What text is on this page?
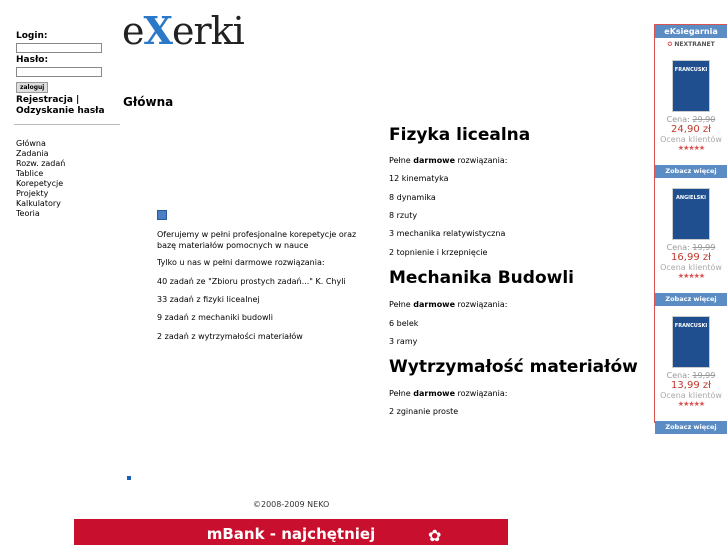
Login:
Hasło:
zaloguj
Rejestracja |
Odzyskanie hasła
Główna
Zadania
Rozw. zadań
Tablice
Korepetycje
Projekty
Kalkulatory
Teoria
eXerki
Główna
Oferujemy w pełni profesjonalne korepetycje oraz bazę materiałów pomocnych w nauce
Tylko u nas w pełni darmowe rozwiązania:
40 zadań ze "Zbioru prostych zadań..." K. Chyli
33 zadań z fizyki licealnej
9 zadań z mechaniki budowli
2 zadań z wytrzymałości materiałów
Fizyka licealna
Pełne darmowe rozwiązania:
12 kinematyka
8 dynamika
8 rzuty
3 mechanika relatywistyczna
2 topnienie i krzepnięcie
Mechanika Budowli
Pełne darmowe rozwiązania:
6 belek
3 ramy
Wytrzymałość materiałów
Pełne darmowe rozwiązania:
2 zginanie proste
eKsiegarnia
✪ NEXTRANET
FRANCUSKI
Cena: 29,90
24,90 zł
Ocena klientów
★★★★★
Zobacz więcej
ANGIELSKI
Cena: 19,99
16,99 zł
Ocena klientów
★★★★★
Zobacz więcej
FRANCUSKI
Cena: 19,99
13,99 zł
Ocena klientów
★★★★★
Zobacz więcej
©2008-2009 NEKO
mBank - najchętniej	✿
